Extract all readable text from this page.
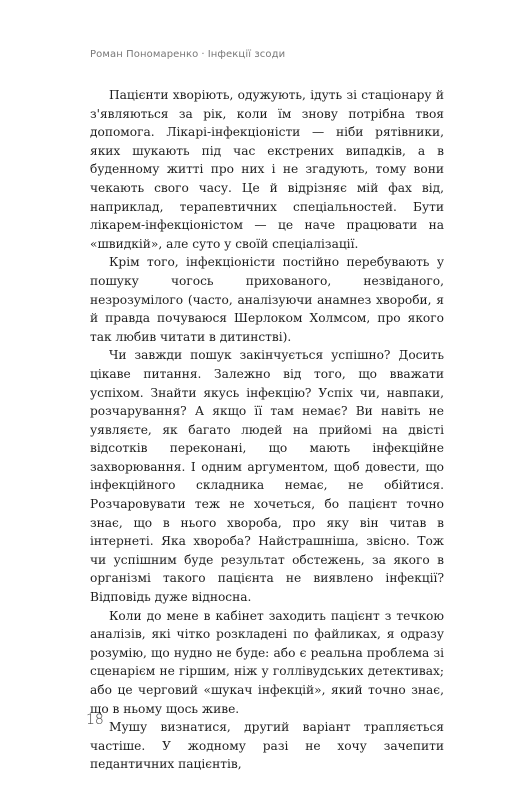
Роман Пономаренко · Інфекції зсоди

Пацієнти хворіють, одужують, ідуть зі стаціонару й з'являються за рік, коли їм знову потрібна твоя допомога. Лікарі-інфекціоністи — ніби рятівники, яких шукають під час екстрених випадків, а в буденному житті про них і не згадують, тому вони чекають свого часу. Це й відрізняє мій фах від, наприклад, терапевтичних спеціальностей. Бути лікарем-інфекціоністом — це наче працювати на «швидкій», але суто у своїй спеціалізації.

Крім того, інфекціоністи постійно перебувають у пошуку чогось прихованого, незвіданого, незрозумілого (часто, аналізуючи анамнез хвороби, я й правда почуваюся Шерлоком Холмсом, про якого так любив читати в дитинстві).

Чи завжди пошук закінчується успішно? Досить цікаве питання. Залежно від того, що вважати успіхом. Знайти якусь інфекцію? Успіх чи, навпаки, розчарування? А якщо її там немає? Ви навіть не уявляєте, як багато людей на прийомі на двісті відсотків переконані, що мають інфекційне захворювання. І одним аргументом, щоб довести, що інфекційного складника немає, не обійтися. Розчаровувати теж не хочеться, бо пацієнт точно знає, що в нього хвороба, про яку він читав в інтернеті. Яка хвороба? Найстрашніша, звісно. Тож чи успішним буде результат обстежень, за якого в організмі такого пацієнта не виявлено інфекції? Відповідь дуже відносна.

Коли до мене в кабінет заходить пацієнт з течкою аналізів, які чітко розкладені по файликах, я одразу розумію, що нудно не буде: або є реальна проблема зі сценарієм не гіршим, ніж у голлівудських детективах; або це черговий «шукач інфекцій», який точно знає, що в ньому щось живе.

Мушу визнатися, другий варіант трапляється частіше. У жодному разі не хочу зачепити педантичних пацієнтів,

18
